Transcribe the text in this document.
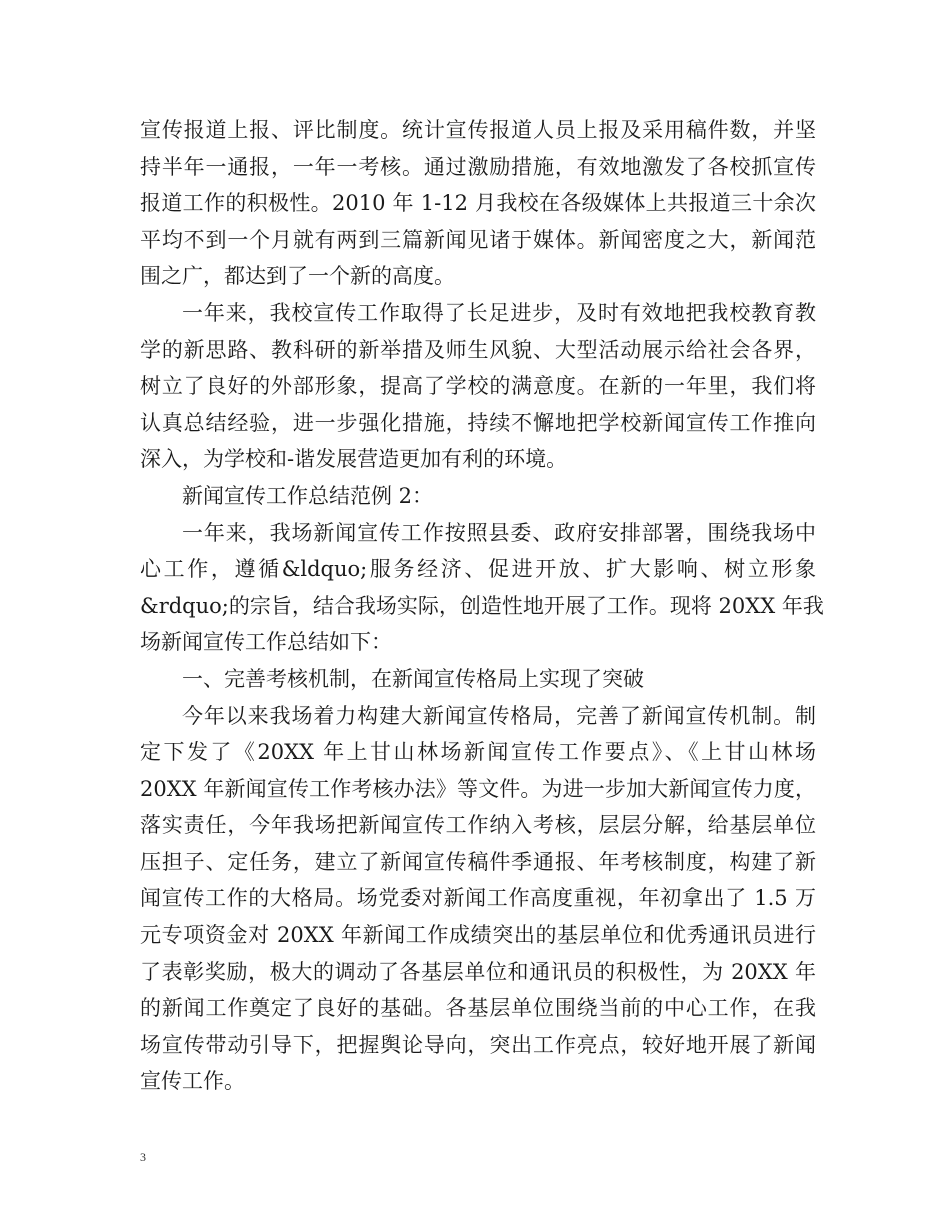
宣传报道上报、评比制度。统计宣传报道人员上报及采用稿件数，并坚
持半年一通报，一年一考核。通过激励措施，有效地激发了各校抓宣传
报道工作的积极性。2010 年 1-12 月我校在各级媒体上共报道三十余次
平均不到一个月就有两到三篇新闻见诸于媒体。新闻密度之大，新闻范
围之广，都达到了一个新的高度。
一年来，我校宣传工作取得了长足进步，及时有效地把我校教育教
学的新思路、教科研的新举措及师生风貌、大型活动展示给社会各界，
树立了良好的外部形象，提高了学校的满意度。在新的一年里，我们将
认真总结经验，进一步强化措施，持续不懈地把学校新闻宣传工作推向
深入，为学校和-谐发展营造更加有利的环境。
新闻宣传工作总结范例 2：
一年来，我场新闻宣传工作按照县委、政府安排部署，围绕我场中
心工作，遵循&ldquo;服务经济、促进开放、扩大影响、树立形象
&rdquo;的宗旨，结合我场实际，创造性地开展了工作。现将 20XX 年我
场新闻宣传工作总结如下：
一、完善考核机制，在新闻宣传格局上实现了突破
今年以来我场着力构建大新闻宣传格局，完善了新闻宣传机制。制
定下发了《20XX 年上甘山林场新闻宣传工作要点》、《上甘山林场
20XX 年新闻宣传工作考核办法》等文件。为进一步加大新闻宣传力度，
落实责任，今年我场把新闻宣传工作纳入考核，层层分解，给基层单位
压担子、定任务，建立了新闻宣传稿件季通报、年考核制度，构建了新
闻宣传工作的大格局。场党委对新闻工作高度重视，年初拿出了 1.5 万
元专项资金对 20XX 年新闻工作成绩突出的基层单位和优秀通讯员进行
了表彰奖励，极大的调动了各基层单位和通讯员的积极性，为 20XX 年
的新闻工作奠定了良好的基础。各基层单位围绕当前的中心工作，在我
场宣传带动引导下，把握舆论导向，突出工作亮点，较好地开展了新闻
宣传工作。
3
